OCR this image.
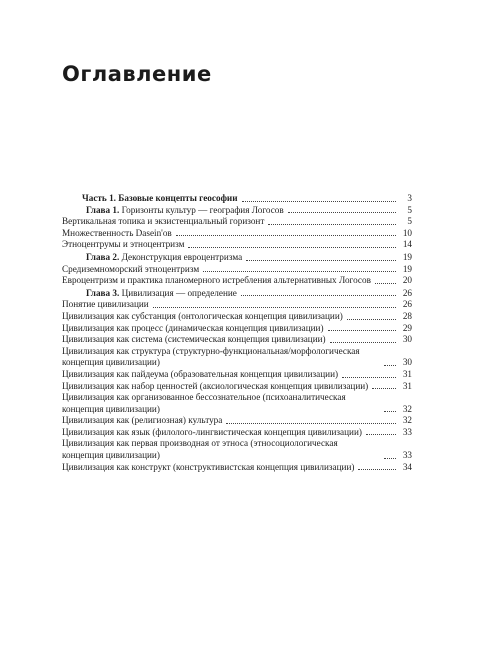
Оглавление
Часть 1. Базовые концепты геософии	3
Глава 1. Горизонты культур — география Логосов	5
Вертикальная топика и экзистенциальный горизонт	5
Множественность Dasein'ов	10
Этноцентрумы и этноцентризм	14
Глава 2. Деконструкция евроцентризма	19
Средиземноморский этноцентризм	19
Евроцентризм и практика планомерного истребления альтернативных Логосов	20
Глава 3. Цивилизация — определение	26
Понятие цивилизации	26
Цивилизация как субстанция (онтологическая концепция цивилизации)	28
Цивилизация как процесс (динамическая концепция цивилизации)	29
Цивилизация как система (системическая концепция цивилизации)	30
Цивилизация как структура (структурно-функциональная/морфологическая концепция цивилизации)	30
Цивилизация как пайдеума (образовательная концепция цивилизации)	31
Цивилизация как набор ценностей (аксиологическая концепция цивилизации)	31
Цивилизация как организованное бессознательное (психоаналитическая концепция цивилизации)	32
Цивилизация как (религиозная) культура	32
Цивилизация как язык (филолого-лингвистическая концепция цивилизации)	33
Цивилизация как первая производная от этноса (этносоциологическая концепция цивилизации)	33
Цивилизация как конструкт (конструктивистская концепция цивилизации)	34
